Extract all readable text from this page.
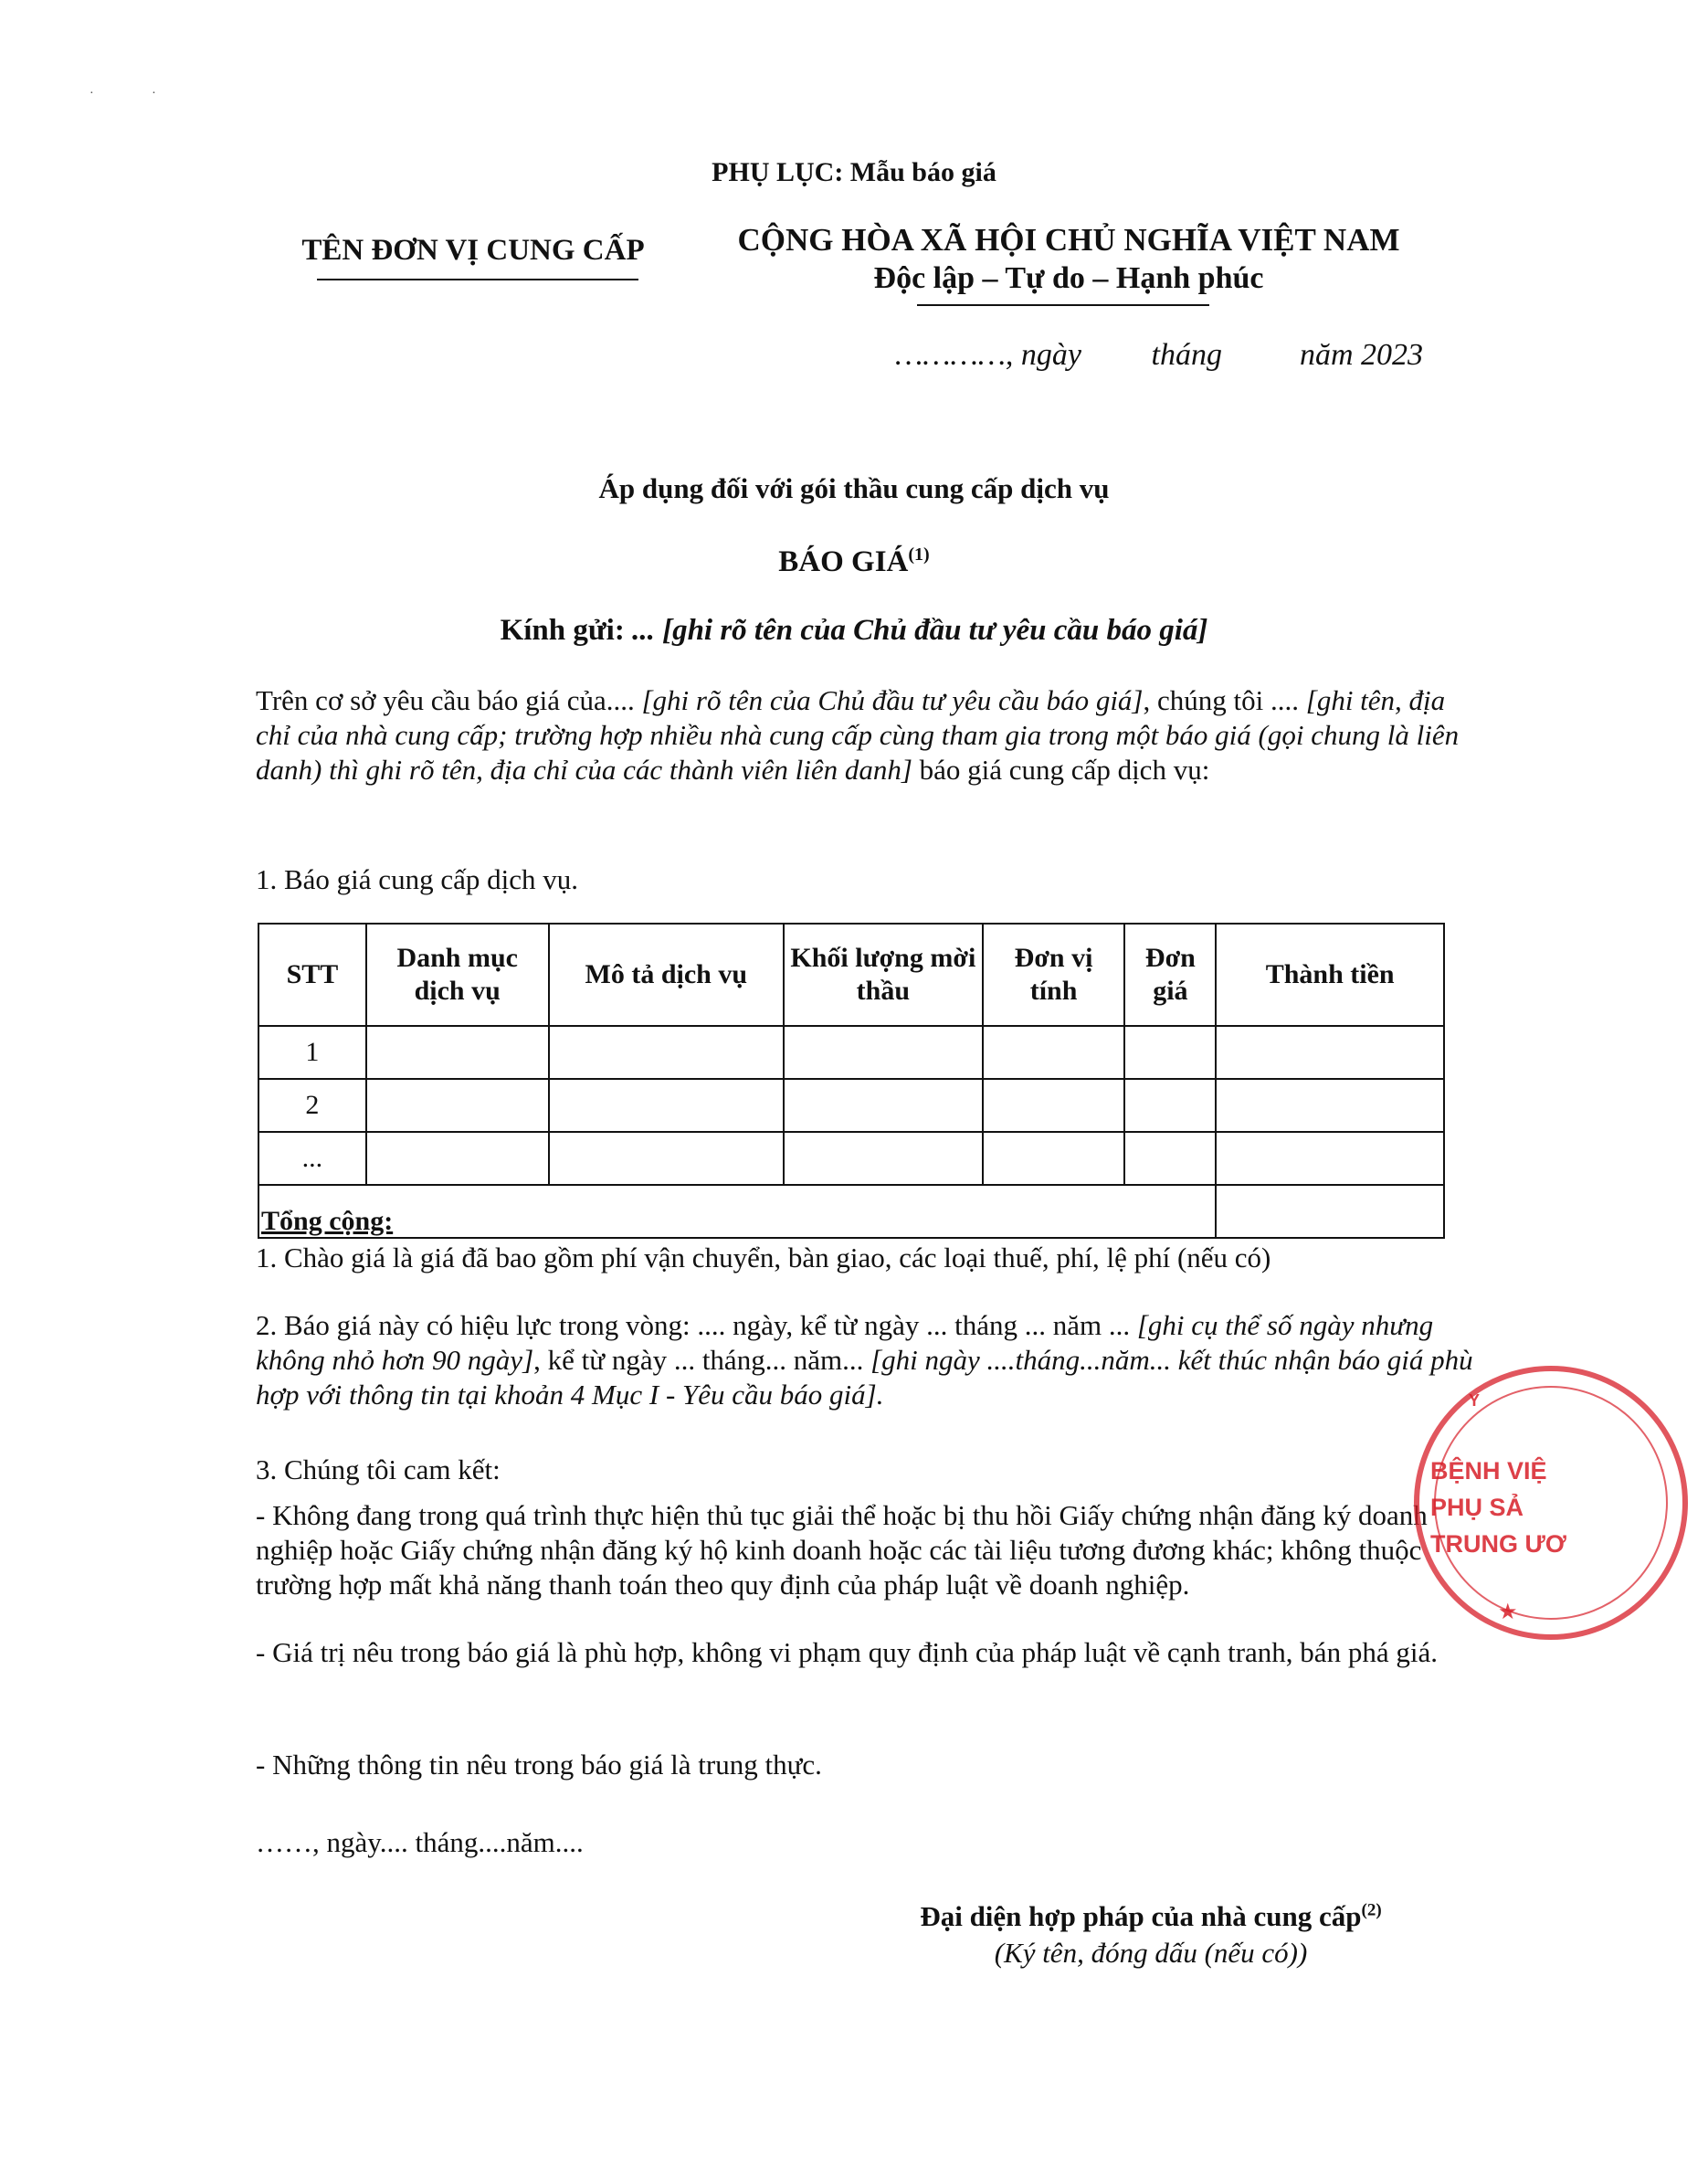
· ·
PHỤ LỤC: Mẫu báo giá
TÊN ĐƠN VỊ CUNG CẤP	CỘNG HÒA XÃ HỘI CHỦ NGHĨA VIỆT NAM
Độc lập – Tự do – Hạnh phúc
…………, ngày         tháng          năm 2023
Áp dụng đối với gói thầu cung cấp dịch vụ
BÁO GIÁ$^{(1)}$
Kính gửi: ... [ghi rõ tên của Chủ đầu tư yêu cầu báo giá]
Trên cơ sở yêu cầu báo giá của.... [ghi rõ tên của Chủ đầu tư yêu cầu báo giá], chúng tôi .... [ghi tên, địa chỉ của nhà cung cấp; trường hợp nhiều nhà cung cấp cùng tham gia trong một báo giá (gọi chung là liên danh) thì ghi rõ tên, địa chỉ của các thành viên liên danh] báo giá cung cấp dịch vụ:
1. Báo giá cung cấp dịch vụ.
STT	Danh mục dịch vụ	Mô tả dịch vụ	Khối lượng mời thầu	Đơn vị tính	Đơn giá	Thành tiền
1						
2						
...						
Tổng cộng:						
1. Chào giá là giá đã bao gồm phí vận chuyển, bàn giao, các loại thuế, phí, lệ phí (nếu có)
2. Báo giá này có hiệu lực trong vòng: .... ngày, kể từ ngày ... tháng ... năm ... [ghi cụ thể số ngày nhưng không nhỏ hơn 90 ngày], kể từ ngày ... tháng... năm... [ghi ngày ....tháng...năm... kết thúc nhận báo giá phù hợp với thông tin tại khoản 4 Mục I - Yêu cầu báo giá].
3. Chúng tôi cam kết:
- Không đang trong quá trình thực hiện thủ tục giải thể hoặc bị thu hồi Giấy chứng nhận đăng ký doanh nghiệp hoặc Giấy chứng nhận đăng ký hộ kinh doanh hoặc các tài liệu tương đương khác; không thuộc trường hợp mất khả năng thanh toán theo quy định của pháp luật về doanh nghiệp.
- Giá trị nêu trong báo giá là phù hợp, không vi phạm quy định của pháp luật về cạnh tranh, bán phá giá.
- Những thông tin nêu trong báo giá là trung thực.
……, ngày.... tháng....năm....
Đại diện hợp pháp của nhà cung cấp$^{(2)}$
(Ký tên, đóng dấu (nếu có))
Y
BỆNH VIỆ
PHỤ SẢ
TRUNG ƯƠ
★
